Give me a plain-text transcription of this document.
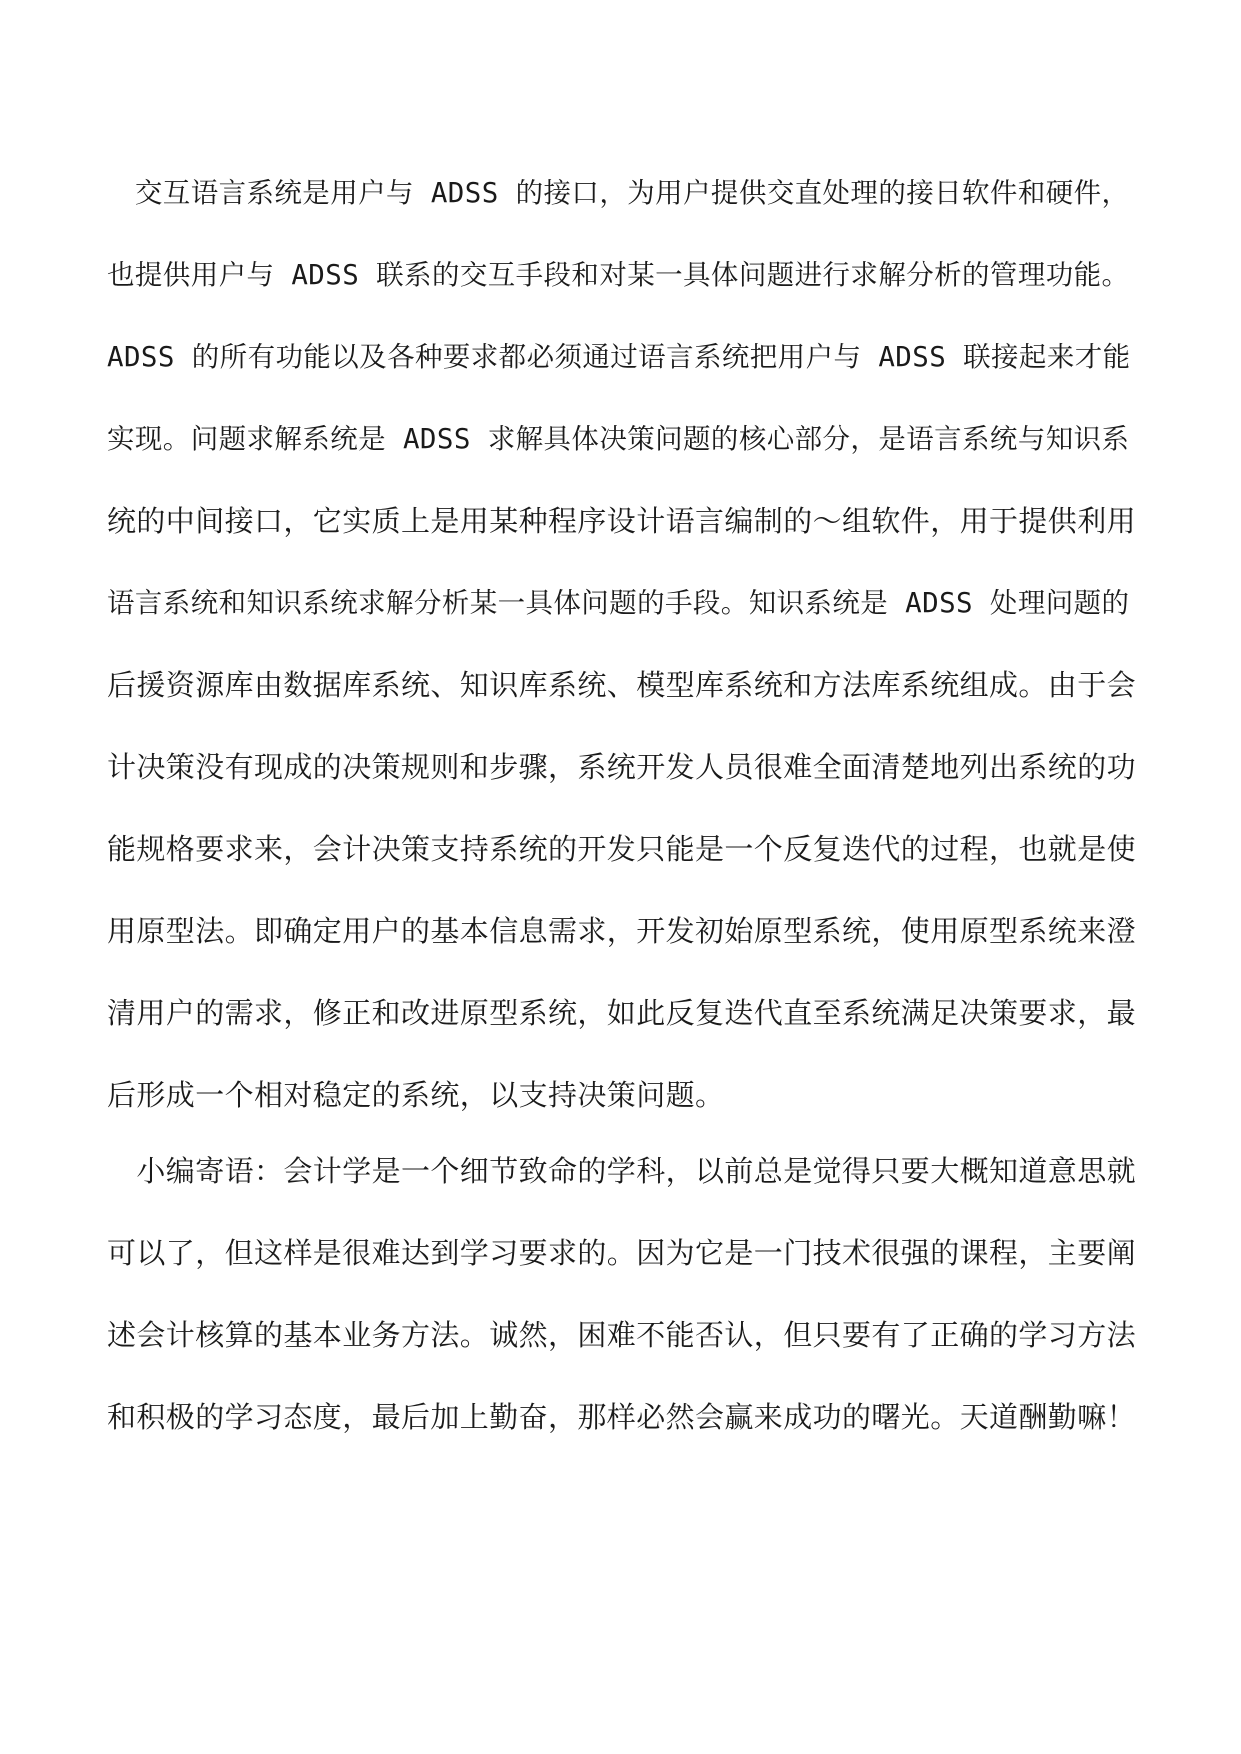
　交互语言系统是用户与 ADSS 的接口，为用户提供交直处理的接日软件和硬件，
也提供用户与 ADSS 联系的交互手段和对某一具体问题进行求解分析的管理功能。
ADSS 的所有功能以及各种要求都必须通过语言系统把用户与 ADSS 联接起来才能
实现。问题求解系统是 ADSS 求解具体决策问题的核心部分，是语言系统与知识系
统的中间接口，它实质上是用某种程序设计语言编制的～组软件，用于提供利用
语言系统和知识系统求解分析某一具体问题的手段。知识系统是 ADSS 处理问题的
后援资源库由数据库系统、知识库系统、模型库系统和方法库系统组成。由于会
计决策没有现成的决策规则和步骤，系统开发人员很难全面清楚地列出系统的功
能规格要求来，会计决策支持系统的开发只能是一个反复迭代的过程，也就是使
用原型法。即确定用户的基本信息需求，开发初始原型系统，使用原型系统来澄
清用户的需求，修正和改进原型系统，如此反复迭代直至系统满足决策要求，最
后形成一个相对稳定的系统，以支持决策问题。
　小编寄语：会计学是一个细节致命的学科，以前总是觉得只要大概知道意思就
可以了，但这样是很难达到学习要求的。因为它是一门技术很强的课程，主要阐
述会计核算的基本业务方法。诚然，困难不能否认，但只要有了正确的学习方法
和积极的学习态度，最后加上勤奋，那样必然会赢来成功的曙光。天道酬勤嘛！
